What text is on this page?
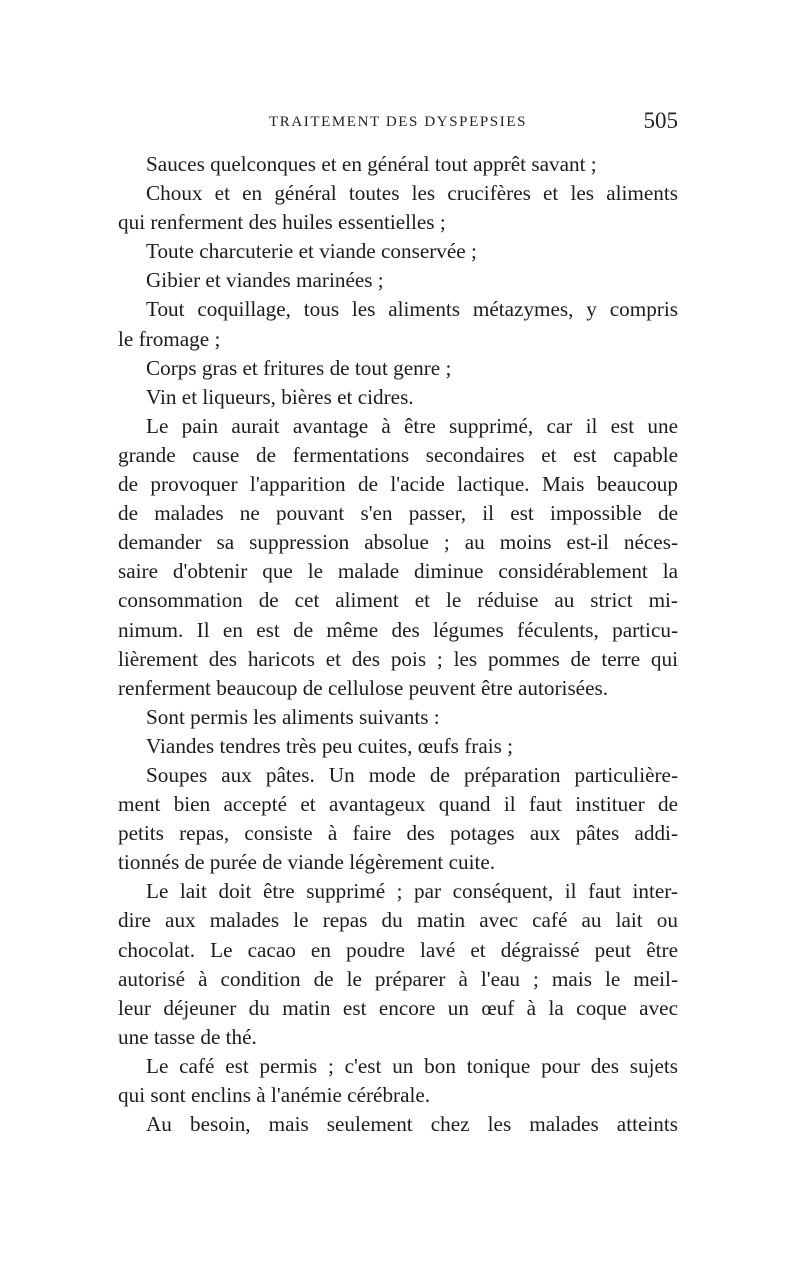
TRAITEMENT DES DYSPEPSIES	505
Sauces quelconques et en général tout apprêt savant ;
Choux et en général toutes les crucifères et les aliments
qui renferment des huiles essentielles ;
Toute charcuterie et viande conservée ;
Gibier et viandes marinées ;
Tout coquillage, tous les aliments métazymes, y compris
le fromage ;
Corps gras et fritures de tout genre ;
Vin et liqueurs, bières et cidres.
Le pain aurait avantage à être supprimé, car il est une
grande cause de fermentations secondaires et est capable
de provoquer l'apparition de l'acide lactique. Mais beaucoup
de malades ne pouvant s'en passer, il est impossible de
demander sa suppression absolue ; au moins est-il néces-
saire d'obtenir que le malade diminue considérablement la
consommation de cet aliment et le réduise au strict mi-
nimum. Il en est de même des légumes féculents, particu-
lièrement des haricots et des pois ; les pommes de terre qui
renferment beaucoup de cellulose peuvent être autorisées.
Sont permis les aliments suivants :
Viandes tendres très peu cuites, œufs frais ;
Soupes aux pâtes. Un mode de préparation particulière-
ment bien accepté et avantageux quand il faut instituer de
petits repas, consiste à faire des potages aux pâtes addi-
tionnés de purée de viande légèrement cuite.
Le lait doit être supprimé ; par conséquent, il faut inter-
dire aux malades le repas du matin avec café au lait ou
chocolat. Le cacao en poudre lavé et dégraissé peut être
autorisé à condition de le préparer à l'eau ; mais le meil-
leur déjeuner du matin est encore un œuf à la coque avec
une tasse de thé.
Le café est permis ; c'est un bon tonique pour des sujets
qui sont enclins à l'anémie cérébrale.
Au besoin, mais seulement chez les malades atteints
